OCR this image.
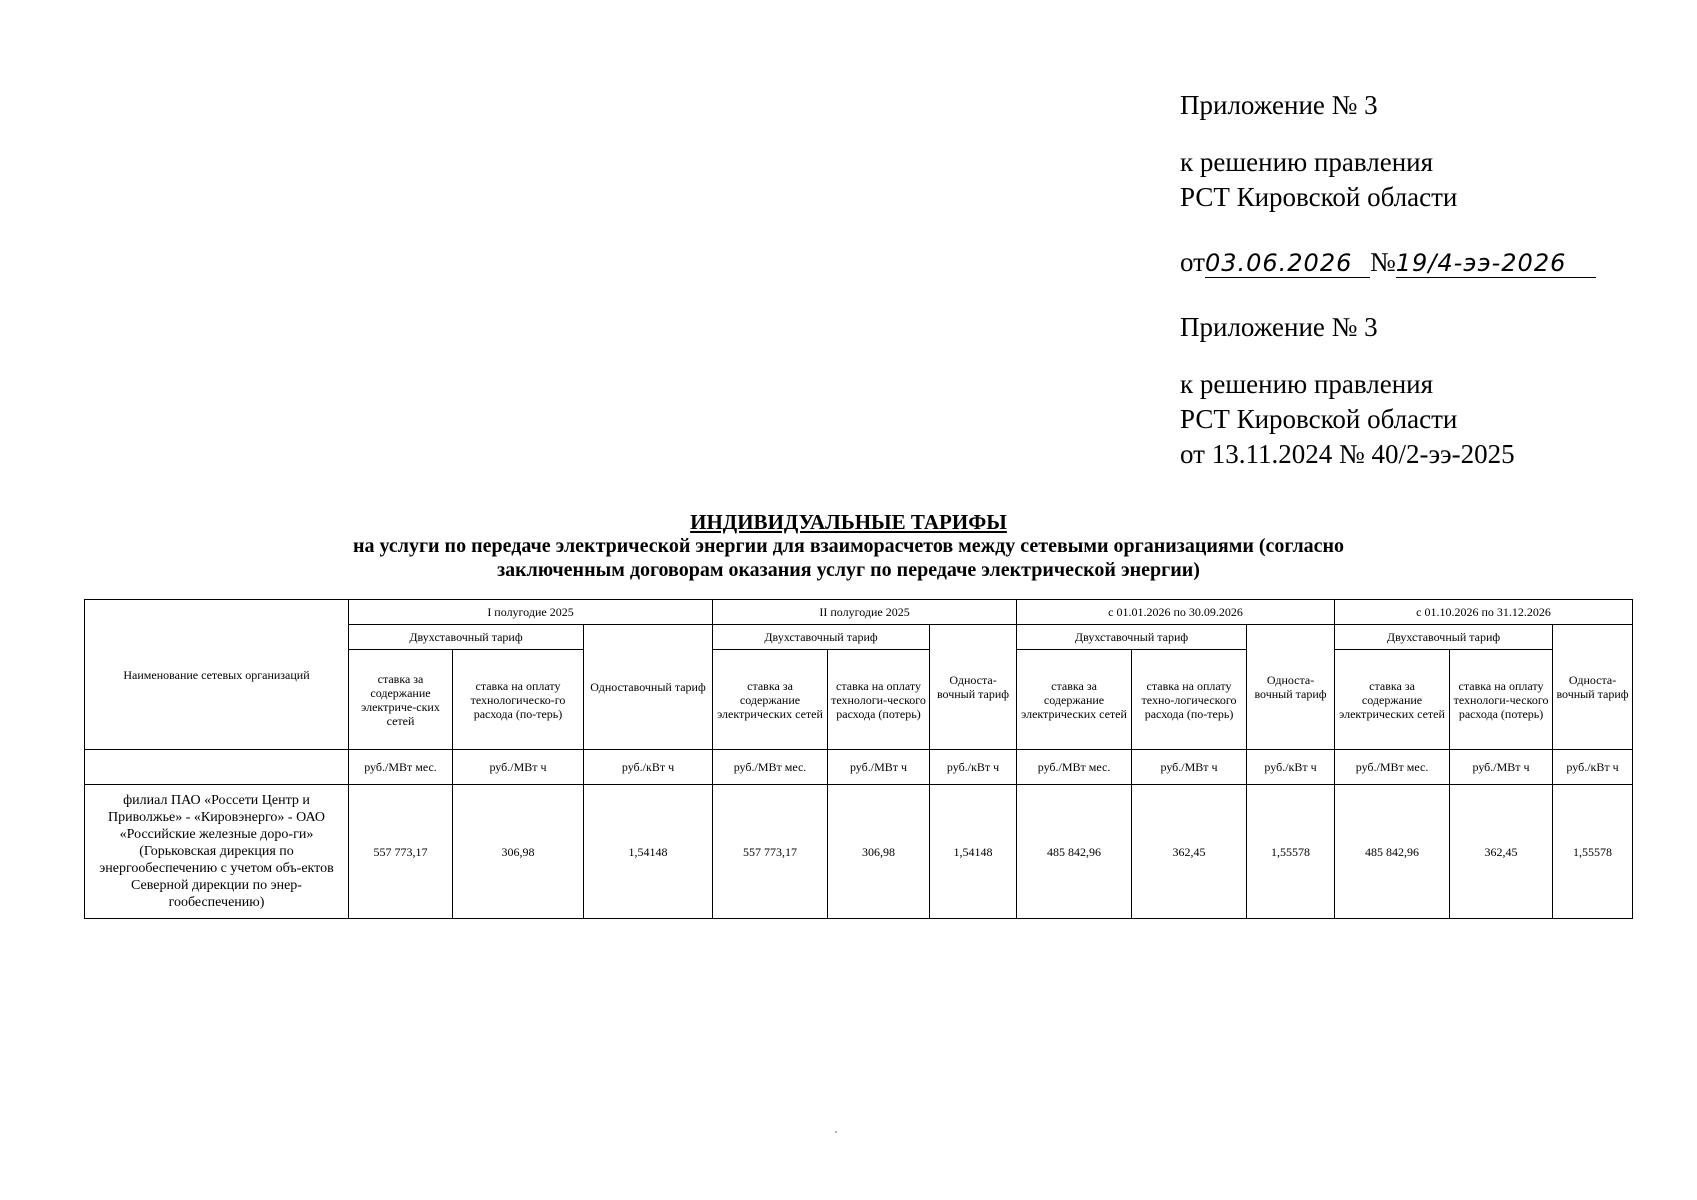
Приложение № 3
к решению правления
РСТ Кировской области
от03.06.2026 №19/4-ээ-2026
Приложение № 3
к решению правления
РСТ Кировской области
от 13.11.2024 № 40/2-ээ-2025
ИНДИВИДУАЛЬНЫЕ ТАРИФЫ
на услуги по передаче электрической энергии для взаиморасчетов между сетевыми организациями (согласно
заключенным договорам оказания услуг по передаче электрической энергии)
Наименование сетевых организаций	I полугодие 2025			II полугодие 2025			с 01.01.2026 по 30.09.2026			с 01.10.2026 по 31.12.2026		
	Двухставочный тариф		Одноставочный тариф	Двухставочный тариф		Односта-вочный тариф	Двухставочный тариф		Односта-вочный тариф	Двухставочный тариф		Односта-вочный тариф
	ставка за содержание электриче-ских сетей	ставка на оплату технологическо-го расхода (по-терь)		ставка за содержание электрических сетей	ставка на оплату технологи-ческого расхода (потерь)		ставка за содержание электрических сетей	ставка на оплату техно-логического расхода (по-терь)		ставка за содержание электрических сетей	ставка на оплату технологи-ческого расхода (потерь)	
	руб./МВт мес.	руб./МВт ч	руб./кВт ч	руб./МВт мес.	руб./МВт ч	руб./кВт ч	руб./МВт мес.	руб./МВт ч	руб./кВт ч	руб./МВт мес.	руб./МВт ч	руб./кВт ч
филиал ПАО «Россети Центр и Приволжье» - «Кировэнерго» - ОАО «Российские железные доро-ги» (Горьковская дирекция по энергообеспечению с учетом объ-ектов Северной дирекции по энер-гообеспечению)	557 773,17	306,98	1,54148	557 773,17	306,98	1,54148	485 842,96	362,45	1,55578	485 842,96	362,45	1,55578
